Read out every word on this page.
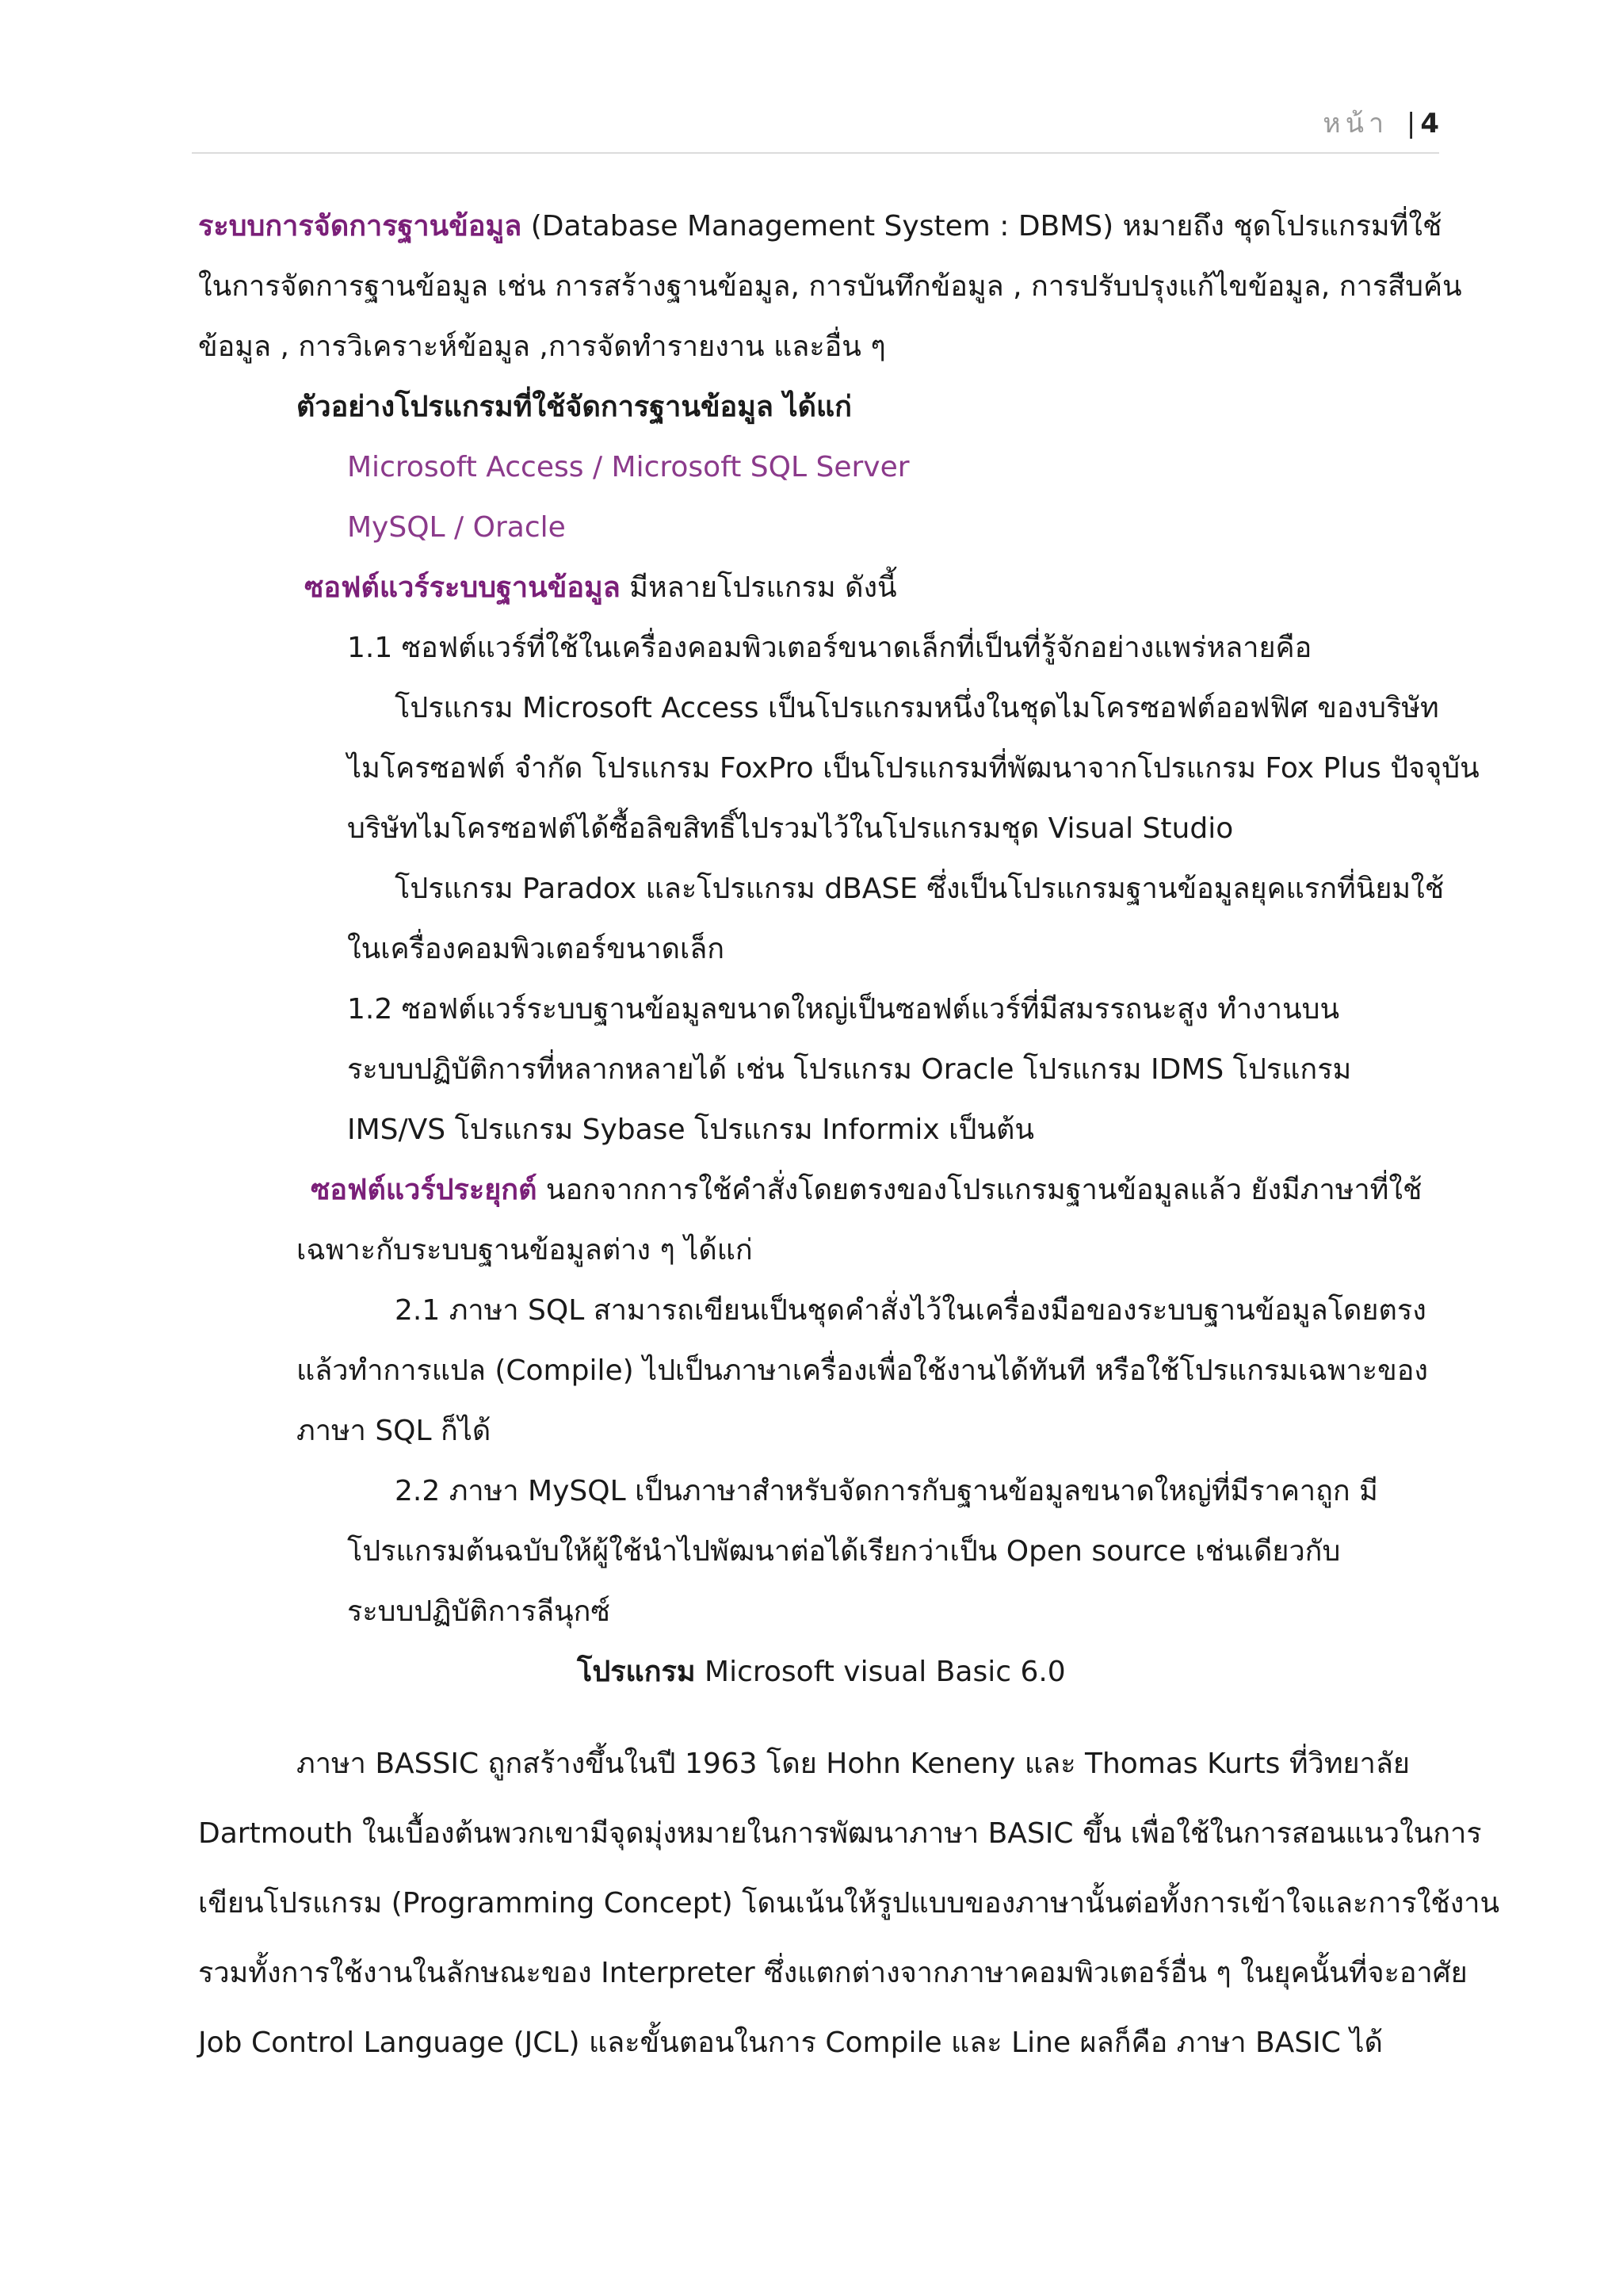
หน้า | 4
ระบบการจัดการฐานข้อมูล (Database Management System : DBMS) หมายถึง ชุดโปรแกรมที่ใช้
ในการจัดการฐานข้อมูล เช่น การสร้างฐานข้อมูล, การบันทึกข้อมูล , การปรับปรุงแก้ไขข้อมูล, การสืบค้น
ข้อมูล , การวิเคราะห์ข้อมูล ,การจัดทำรายงาน และอื่น ๆ
ตัวอย่างโปรแกรมที่ใช้จัดการฐานข้อมูล ได้แก่
Microsoft Access / Microsoft SQL Server
MySQL / Oracle
ซอฟต์แวร์ระบบฐานข้อมูล มีหลายโปรแกรม ดังนี้
1.1 ซอฟต์แวร์ที่ใช้ในเครื่องคอมพิวเตอร์ขนาดเล็กที่เป็นที่รู้จักอย่างแพร่หลายคือ
โปรแกรม Microsoft Access เป็นโปรแกรมหนึ่งในชุดไมโครซอฟต์ออฟฟิศ ของบริษัท
ไมโครซอฟต์ จำกัด โปรแกรม FoxPro เป็นโปรแกรมที่พัฒนาจากโปรแกรม Fox Plus ปัจจุบัน
บริษัทไมโครซอฟต์ได้ซื้อลิขสิทธิ์ไปรวมไว้ในโปรแกรมชุด Visual Studio
โปรแกรม Paradox และโปรแกรม dBASE ซึ่งเป็นโปรแกรมฐานข้อมูลยุคแรกที่นิยมใช้
ในเครื่องคอมพิวเตอร์ขนาดเล็ก
1.2 ซอฟต์แวร์ระบบฐานข้อมูลขนาดใหญ่เป็นซอฟต์แวร์ที่มีสมรรถนะสูง ทำงานบน
ระบบปฏิบัติการที่หลากหลายได้ เช่น โปรแกรม Oracle โปรแกรม IDMS โปรแกรม
IMS/VS โปรแกรม Sybase โปรแกรม Informix เป็นต้น
ซอฟต์แวร์ประยุกต์ นอกจากการใช้คำสั่งโดยตรงของโปรแกรมฐานข้อมูลแล้ว ยังมีภาษาที่ใช้
เฉพาะกับระบบฐานข้อมูลต่าง ๆ ได้แก่
2.1 ภาษา SQL สามารถเขียนเป็นชุดคำสั่งไว้ในเครื่องมือของระบบฐานข้อมูลโดยตรง
แล้วทำการแปล (Compile) ไปเป็นภาษาเครื่องเพื่อใช้งานได้ทันที หรือใช้โปรแกรมเฉพาะของ
ภาษา SQL ก็ได้
2.2 ภาษา MySQL เป็นภาษาสำหรับจัดการกับฐานข้อมูลขนาดใหญ่ที่มีราคาถูก มี
โปรแกรมต้นฉบับให้ผู้ใช้นำไปพัฒนาต่อได้เรียกว่าเป็น Open source เช่นเดียวกับ
ระบบปฏิบัติการลีนุกซ์
โปรแกรม Microsoft visual Basic 6.0
ภาษา BASSIC ถูกสร้างขึ้นในปี 1963 โดย Hohn Keneny และ Thomas Kurts ที่วิทยาลัย
Dartmouth ในเบื้องต้นพวกเขามีจุดมุ่งหมายในการพัฒนาภาษา BASIC ขึ้น เพื่อใช้ในการสอนแนวในการ
เขียนโปรแกรม (Programming Concept) โดนเน้นให้รูปแบบของภาษานั้นต่อทั้งการเข้าใจและการใช้งาน
รวมทั้งการใช้งานในลักษณะของ Interpreter ซึ่งแตกต่างจากภาษาคอมพิวเตอร์อื่น ๆ ในยุคนั้นที่จะอาศัย
Job Control Language (JCL) และขั้นตอนในการ Compile และ Line ผลก็คือ ภาษา BASIC ได้
